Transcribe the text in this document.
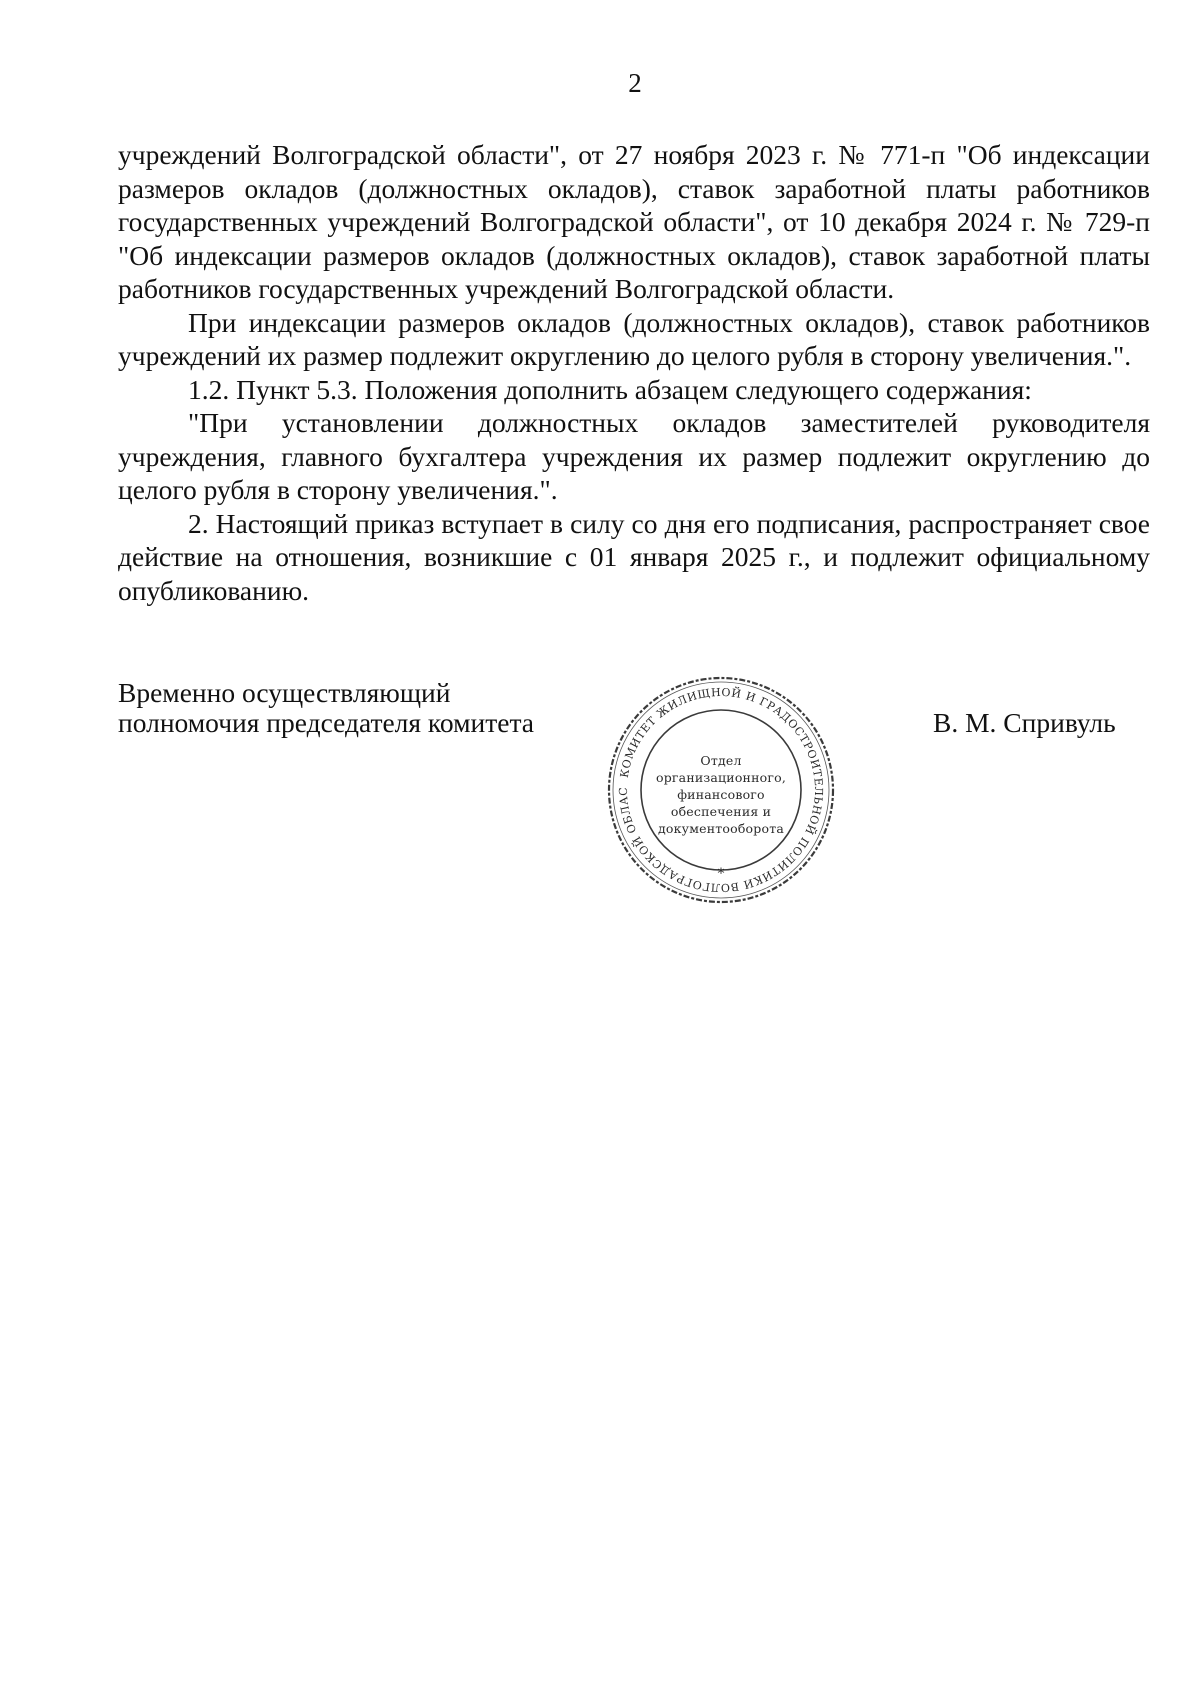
2

учреждений Волгоградской области", от 27 ноября 2023 г. № 771-п "Об индексации размеров окладов (должностных окладов), ставок заработной платы работников государственных учреждений Волгоградской области", от 10 декабря 2024 г. № 729-п "Об индексации размеров окладов (должностных окладов), ставок заработной платы работников государственных учреждений Волгоградской области.

При индексации размеров окладов (должностных окладов), ставок работников учреждений их размер подлежит округлению до целого рубля в сторону увеличения.".

1.2. Пункт 5.3. Положения дополнить абзацем следующего содержания:

"При установлении должностных окладов заместителей руководителя учреждения, главного бухгалтера учреждения их размер подлежит округлению до целого рубля в сторону увеличения.".

2. Настоящий приказ вступает в силу со дня его подписания, распространяет свое действие на отношения, возникшие с 01 января 2025 г., и подлежит официальному опубликованию.

Временно осуществляющий
полномочия председателя комитета
КОМИТЕТ ЖИЛИЩНОЙ И ГРАДОСТРОИТЕЛЬНОЙ ПОЛИТИКИ ВОЛГОГРАДСКОЙ ОБЛАС
*
Отдел
организационного,
финансового
обеспечения и
документооборота
В. М. Спривуль
